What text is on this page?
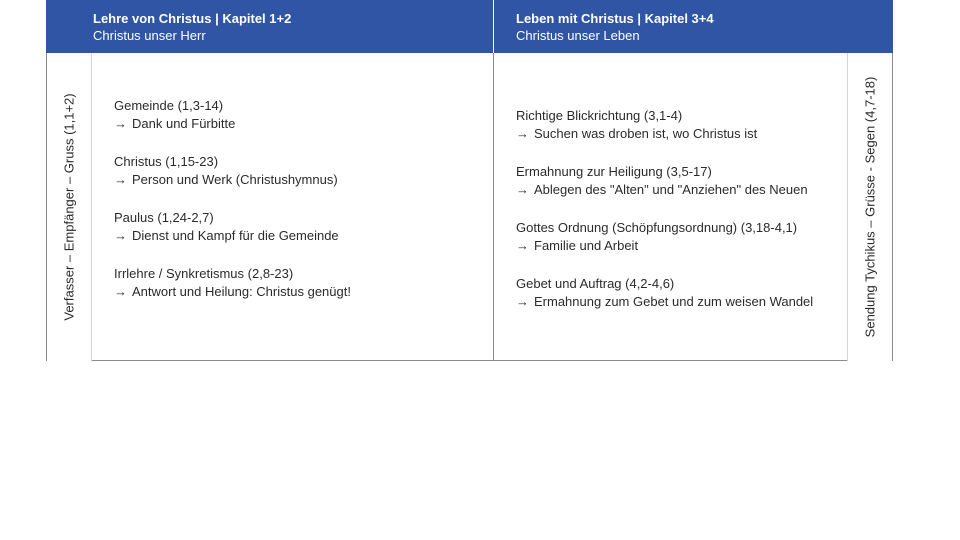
Lehre von Christus | Kapitel 1+2
Christus unser Herr
Leben mit Christus | Kapitel 3+4
Christus unser Leben
Verfasser – Empfänger – Gruss (1,1+2)	Sendung Tychikus – Grüsse - Segen (4,7-18)
Gemeinde (1,3-14)
→ Dank und Fürbitte
Christus (1,15-23)
→ Person und Werk (Christushymnus)
Paulus (1,24-2,7)
→ Dienst und Kampf für die Gemeinde
Irrlehre / Synkretismus (2,8-23)
→ Antwort und Heilung: Christus genügt!
Richtige Blickrichtung (3,1-4)
→ Suchen was droben ist, wo Christus ist
Ermahnung zur Heiligung (3,5-17)
→ Ablegen des "Alten" und "Anziehen" des Neuen
Gottes Ordnung (Schöpfungsordnung) (3,18-4,1)
→ Familie und Arbeit
Gebet und Auftrag (4,2-4,6)
→ Ermahnung zum Gebet und zum weisen Wandel
